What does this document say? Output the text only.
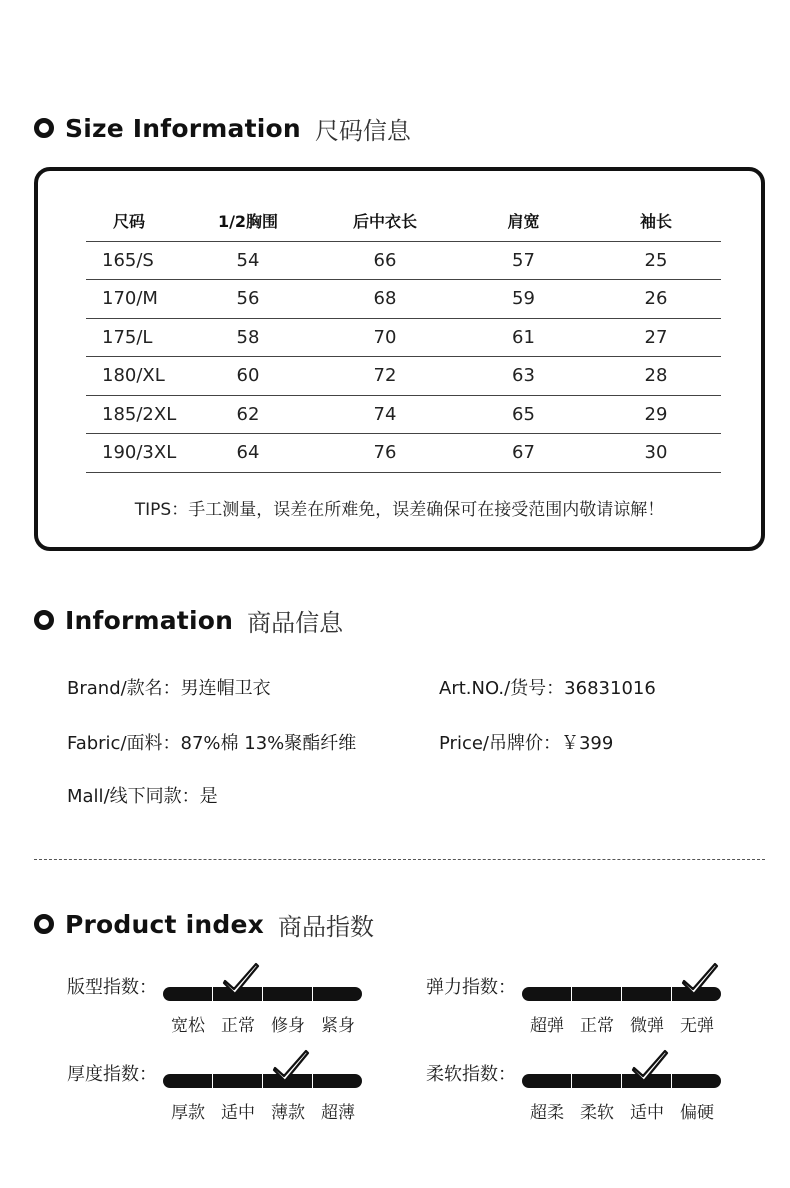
Size Information 尺码信息
尺码	1/2胸围	后中衣长	肩宽	袖长
165/S	54	66	57	25
170/M	56	68	59	26
175/L	58	70	61	27
180/XL	60	72	63	28
185/2XL	62	74	65	29
190/3XL	64	76	67	30
TIPS：手工测量，误差在所难免，误差确保可在接受范围内敬请谅解！
Information 商品信息
Brand/款名：男连帽卫衣	Art.NO./货号：36831016
Fabric/面料：87%棉 13%聚酯纤维	Price/吊牌价：￥399
Mall/线下同款：是
Product index 商品指数
版型指数：
宽松 正常 修身 紧身
弹力指数：
超弹 正常 微弹 无弹
厚度指数：
厚款 适中 薄款 超薄
柔软指数：
超柔 柔软 适中 偏硬
